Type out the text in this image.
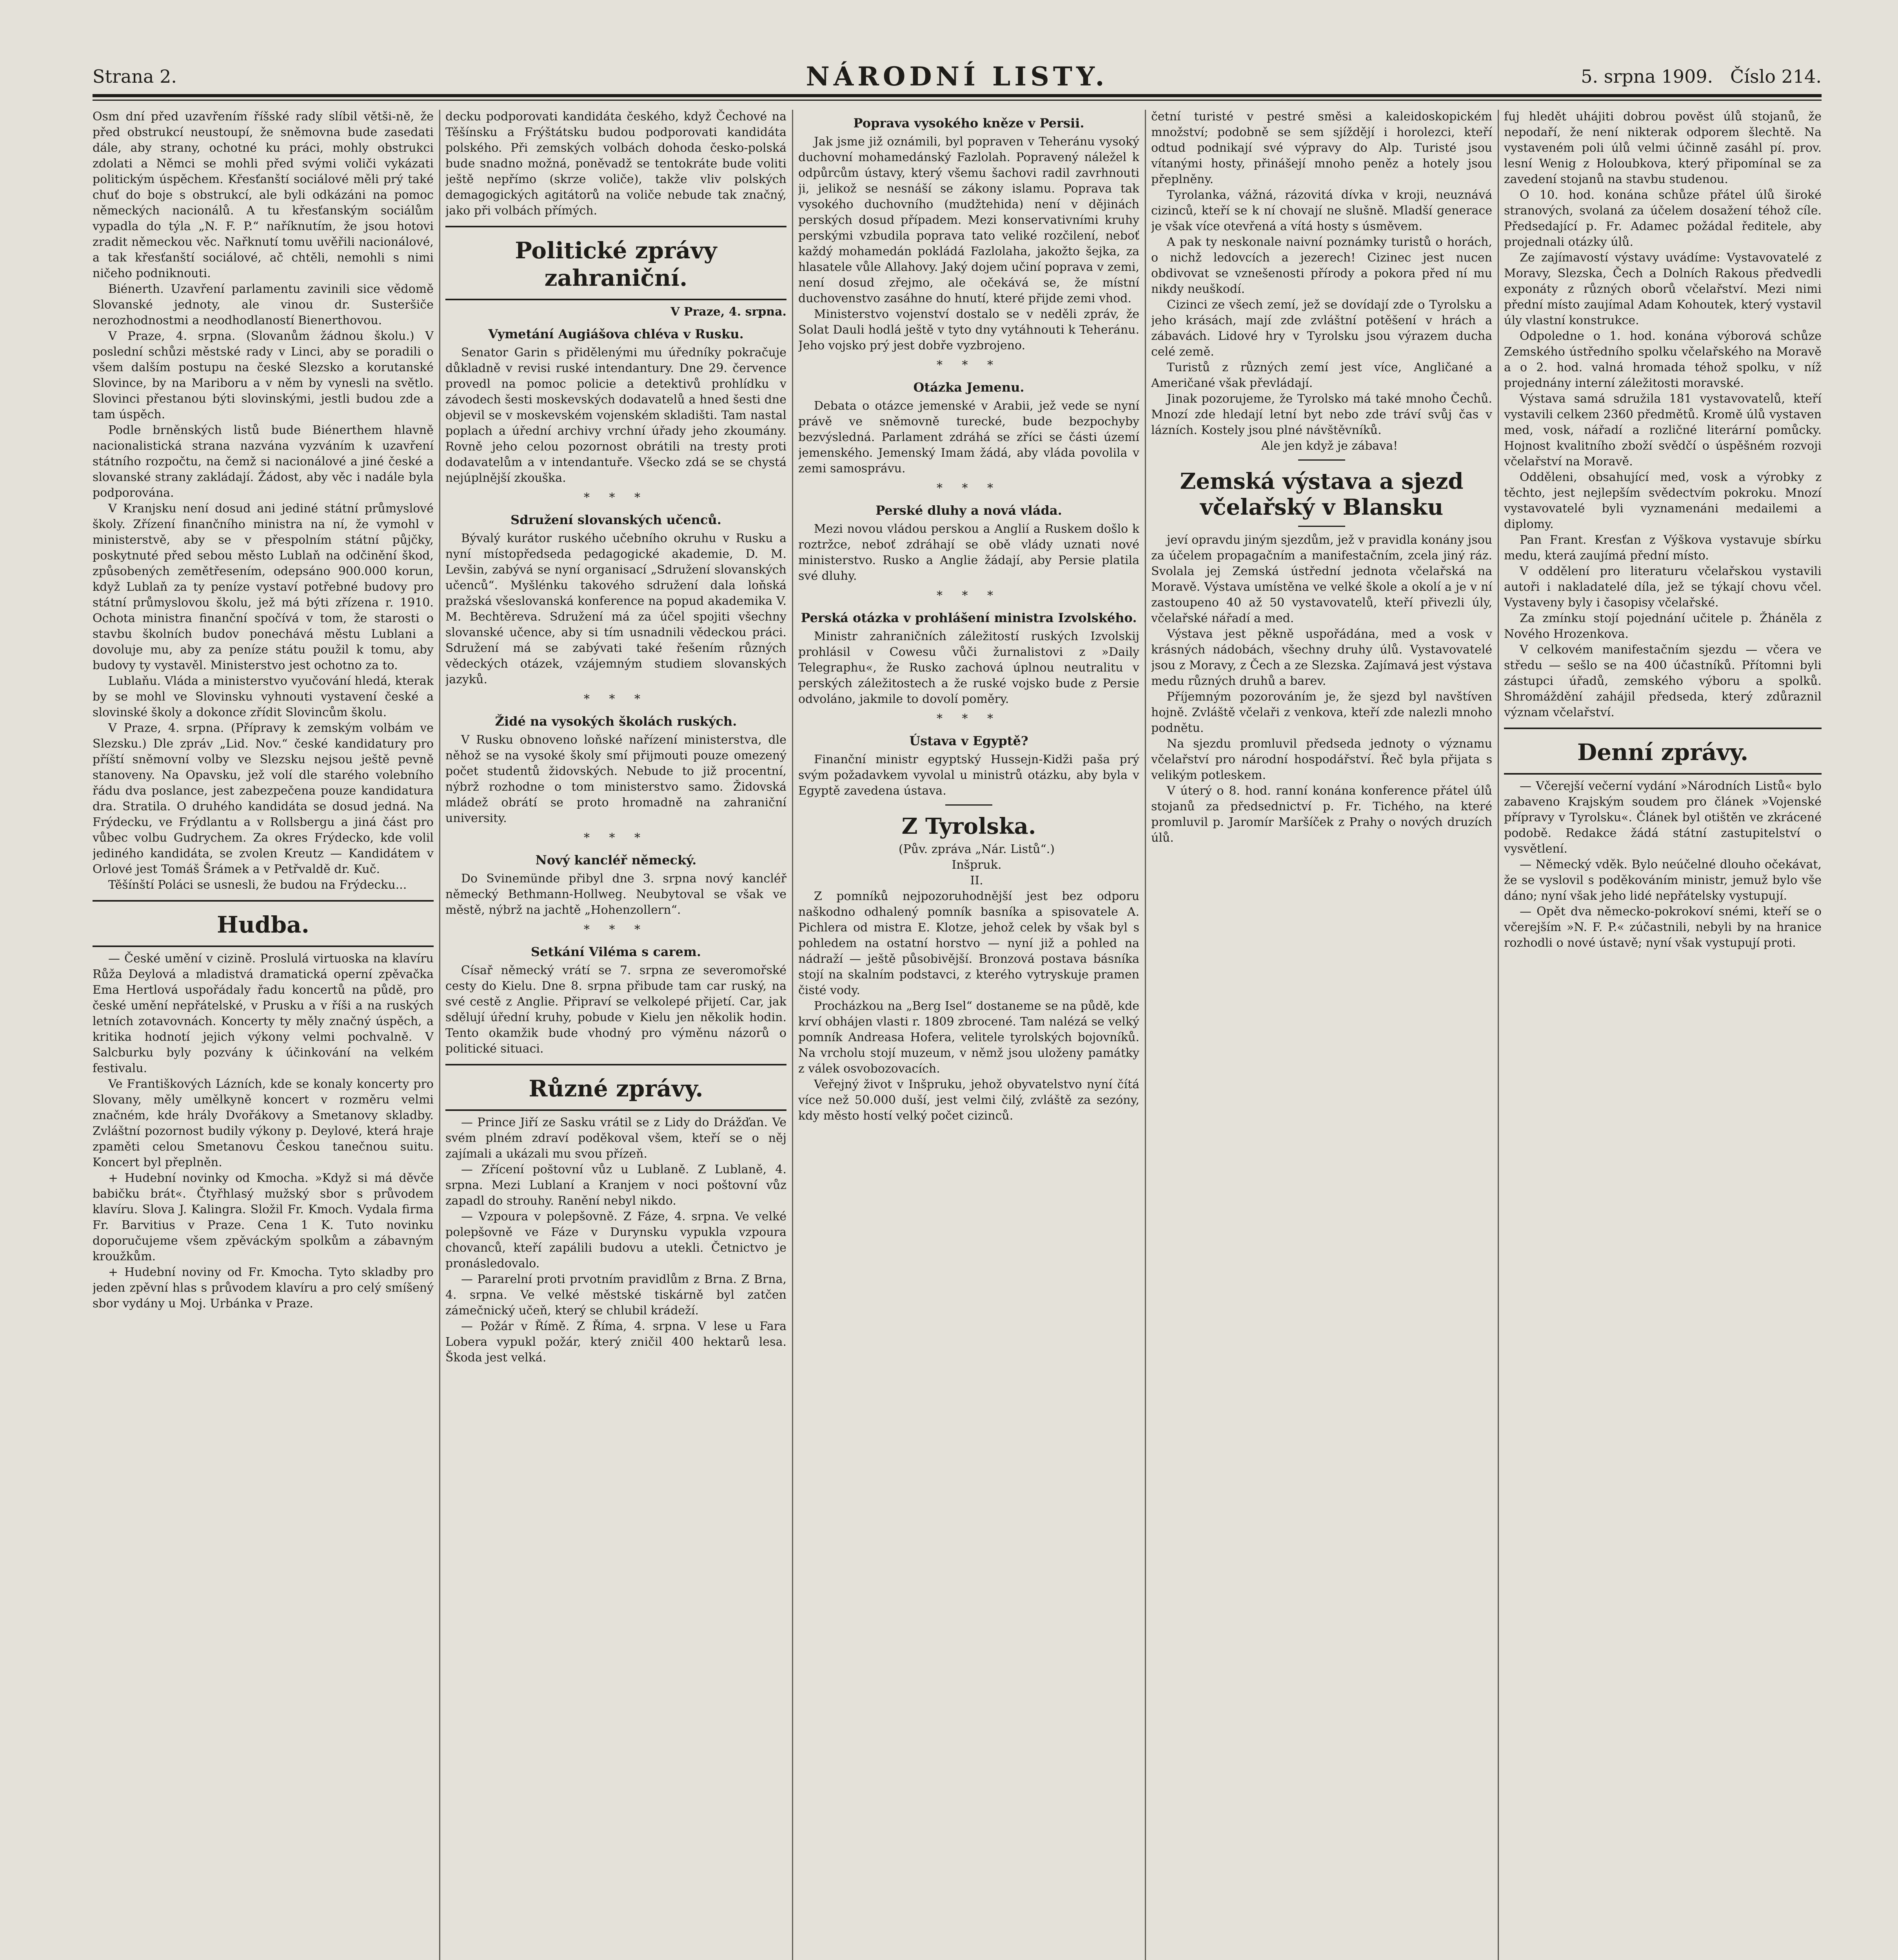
Strana 2.	NÁRODNÍ LISTY.	5. srpna 1909. Číslo 214.

Osm dní před uzavřením říšské rady slíbil větši-ně, že před obstrukcí neustoupí, že sněmovna bude zasedati dále, aby strany, ochotné ku práci, mohly obstrukci zdolati a Němci se mohli před svými voliči vykázati politickým úspěchem. Křesťanští sociálové měli prý také chuť do boje s obstrukcí, ale byli odkázáni na pomoc německých nacionálů. A tu křesťanským sociálům vypadla do týla „N. F. P.“ naříknutím, že jsou hotovi zradit německou věc. Nařknutí tomu uvěřili nacionálové, a tak křesťanští sociálové, ač chtěli, nemohli s nimi ničeho podniknouti.

Biénerth. Uzavření parlamentu zavinili sice vědomě Slovanské jednoty, ale vinou dr. Susteršiče nerozhodnostmi a neodhodlaností Bienerthovou.

V Praze, 4. srpna. (Slovanům žádnou školu.) V poslední schůzi městské rady v Linci, aby se poradili o všem dalším postupu na české Slezsko a korutanské Slovince, by na Mariboru a v něm by vynesli na světlo. Slovinci přestanou býti slovinskými, jestli budou zde a tam úspěch.

Podle brněnských listů bude Biénerthem hlavně nacionalistická strana nazvána vyzváním k uzavření státního rozpočtu, na čemž si nacionálové a jiné české a slovanské strany zakládají. Žádost, aby věc i nadále byla podporována.

V Kranjsku není dosud ani jediné státní průmyslové školy. Zřízení finančního ministra na ní, že vymohl v ministerstvě, aby se v přespolním státní půjčky, poskytnuté před sebou město Lublaň na odčinění škod, způsobených zemětřesením, odepsáno 900.000 korun, když Lublaň za ty peníze vystaví potřebné budovy pro státní průmyslovou školu, jež má býti zřízena r. 1910. Ochota ministra finanční spočívá v tom, že starosti o stavbu školních budov ponechává městu Lublani a dovoluje mu, aby za peníze státu použil k tomu, aby budovy ty vystavěl. Ministerstvo jest ochotno za to.

Lublaňu. Vláda a ministerstvo vyučování hledá, kterak by se mohl ve Slovinsku vyhnouti vystavení české a slovinské školy a dokonce zřídit Slovincům školu.

V Praze, 4. srpna. (Přípravy k zemským volbám ve Slezsku.) Dle zpráv „Lid. Nov.“ české kandidatury pro příští sněmovní volby ve Slezsku nejsou ještě pevně stanoveny. Na Opavsku, jež volí dle starého volebního řádu dva poslance, jest zabezpečena pouze kandidatura dra. Stratila. O druhého kandidáta se dosud jedná. Na Frýdecku, ve Frýdlantu a v Rollsbergu a jiná část pro vůbec volbu Gudrychem. Za okres Frýdecko, kde volil jediného kandidáta, se zvolen Kreutz — Kandidátem v Orlové jest Tomáš Šrámek a v Petřvaldě dr. Kuč.

Těšínští Poláci se usnesli, že budou na Frýdecku...

Hudba.

— České umění v cizině. Proslulá virtuoska na klavíru Růža Deylová a mladistvá dramatická operní zpěvačka Ema Hertlová uspořádaly řadu koncertů na půdě, pro české umění nepřátelské, v Prusku a v říši a na ruských letních zotavovnách. Koncerty ty měly značný úspěch, a kritika hodnotí jejich výkony velmi pochvalně. V Salcburku byly pozvány k účinkování na velkém festivalu.

Ve Františkových Lázních, kde se konaly koncerty pro Slovany, měly umělkyně koncert v rozměru velmi značném, kde hrály Dvořákovy a Smetanovy skladby. Zvláštní pozornost budily výkony p. Deylové, která hraje zpaměti celou Smetanovu Českou tanečnou suitu. Koncert byl přeplněn.

+ Hudební novinky od Kmocha. »Když si má děvče babičku brát«. Čtyřhlasý mužský sbor s průvodem klavíru. Slova J. Kalingra. Složil Fr. Kmoch. Vydala firma Fr. Barvitius v Praze. Cena 1 K. Tuto novinku doporučujeme všem zpěváckým spolkům a zábavným kroužkům.

+ Hudební noviny od Fr. Kmocha. Tyto skladby pro jeden zpěvní hlas s průvodem klavíru a pro celý smíšený sbor vydány u Moj. Urbánka v Praze.

decku podporovati kandidáta českého, když Čechové na Těšínsku a Frýštátsku budou podporovati kandidáta polského. Při zemských volbách dohoda česko-polská bude snadno možná, poněvadž se tentokráte bude voliti ještě nepřímo (skrze voliče), takže vliv polských demagogických agitátorů na voliče nebude tak značný, jako při volbách přímých.

Politické zprávy zahraniční.

V Praze, 4. srpna.

Vymetání Augiášova chléva v Rusku.

Senator Garin s přidělenými mu úředníky pokračuje důkladně v revisi ruské intendantury. Dne 29. července provedl na pomoc policie a detektivů prohlídku v závodech šesti moskevských dodavatelů a hned šesti dne objevil se v moskevském vojenském skladišti. Tam nastal poplach a úřední archivy vrchní úřady jeho zkoumány. Rovně jeho celou pozornost obrátili na tresty proti dodavatelům a v intendantuře. Všecko zdá se se chystá nejúplnější zkouška.

* * *
Sdružení slovanských učenců.

Bývalý kurátor ruského učebního okruhu v Rusku a nyní místopředseda pedagogické akademie, D. M. Levšin, zabývá se nyní organisací „Sdružení slovanských učenců“. Myšlénku takového sdružení dala loňská pražská všeslovanská konference na popud akademika V. M. Bechtěreva. Sdružení má za účel spojiti všechny slovanské učence, aby si tím usnadnili vědeckou práci. Sdružení má se zabývati také řešením různých vědeckých otázek, vzájemným studiem slovanských jazyků.

* * *
Židé na vysokých školách ruských.

V Rusku obnoveno loňské nařízení ministerstva, dle něhož se na vysoké školy smí přijmouti pouze omezený počet studentů židovských. Nebude to již procentní, nýbrž rozhodne o tom ministerstvo samo. Židovská mládež obrátí se proto hromadně na zahraniční university.

* * *
Nový kancléř německý.

Do Svinemünde přibyl dne 3. srpna nový kancléř německý Bethmann-Hollweg. Neubytoval se však ve městě, nýbrž na jachtě „Hohenzollern“.

* * *
Setkání Viléma s carem.

Císař německý vrátí se 7. srpna ze severomořské cesty do Kielu. Dne 8. srpna přibude tam car ruský, na své cestě z Anglie. Připraví se velkolepé přijetí. Car, jak sdělují úřední kruhy, pobude v Kielu jen několik hodin. Tento okamžik bude vhodný pro výměnu názorů o politické situaci.

Různé zprávy.

— Prince Jiří ze Sasku vrátil se z Lidy do Drážďan. Ve svém plném zdraví poděkoval všem, kteří se o něj zajímali a ukázali mu svou přízeň.

— Zřícení poštovní vůz u Lublaně. Z Lublaně, 4. srpna. Mezi Lublaní a Kranjem v noci poštovní vůz zapadl do strouhy. Ranění nebyl nikdo.

— Vzpoura v polepšovně. Z Fáze, 4. srpna. Ve velké polepšovně ve Fáze v Durynsku vypukla vzpoura chovanců, kteří zapálili budovu a utekli. Četnictvo je pronásledovalo.

— Pararelní proti prvotním pravidlům z Brna. Z Brna, 4. srpna. Ve velké městské tiskárně byl zatčen zámečnický učeň, který se chlubil krádeží.

— Požár v Římě. Z Říma, 4. srpna. V lese u Fara Lobera vypukl požár, který zničil 400 hektarů lesa. Škoda jest velká.

Poprava vysokého kněze v Persii.

Jak jsme již oznámili, byl popraven v Teheránu vysoký duchovní mohamedánský Fazlolah. Popravený náležel k odpůrcům ústavy, který všemu šachovi radil zavrhnouti ji, jelikož se nesnáší se zákony islamu. Poprava tak vysokého duchovního (mudžtehida) není v dějinách perských dosud případem. Mezi konservativními kruhy perskými vzbudila poprava tato veliké rozčilení, neboť každý mohamedán pokládá Fazlolaha, jakožto šejka, za hlasatele vůle Allahovy. Jaký dojem učiní poprava v zemi, není dosud zřejmo, ale očekává se, že místní duchovenstvo zasáhne do hnutí, které přijde zemi vhod.

Ministerstvo vojenství dostalo se v neděli zpráv, že Solat Dauli hodlá ještě v tyto dny vytáhnouti k Teheránu. Jeho vojsko prý jest dobře vyzbrojeno.

* * *
Otázka Jemenu.

Debata o otázce jemenské v Arabii, jež vede se nyní právě ve sněmovně turecké, bude bezpochyby bezvýsledná. Parlament zdráhá se zříci se části území jemenského. Jemenský Imam žádá, aby vláda povolila v zemi samosprávu.

* * *
Perské dluhy a nová vláda.

Mezi novou vládou perskou a Anglií a Ruskem došlo k roztržce, neboť zdráhají se obě vlády uznati nové ministerstvo. Rusko a Anglie žádají, aby Persie platila své dluhy.

* * *
Perská otázka v prohlášení ministra Izvolského.

Ministr zahraničních záležitostí ruských Izvolskij prohlásil v Cowesu vůči žurnalistovi z »Daily Telegraphu«, že Rusko zachová úplnou neutralitu v perských záležitostech a že ruské vojsko bude z Persie odvoláno, jakmile to dovolí poměry.

* * *
Ústava v Egyptě?

Finanční ministr egyptský Hussejn-Kidži paša prý svým požadavkem vyvolal u ministrů otázku, aby byla v Egyptě zavedena ústava.

Z Tyrolska.

(Pův. zpráva „Nár. Listů“.)

Inšpruk.

II.

Z pomníků nejpozoruhodnější jest bez odporu naškodno odhalený pomník basníka a spisovatele A. Pichlera od mistra E. Klotze, jehož celek by však byl s pohledem na ostatní horstvo — nyní již a pohled na nádraží — ještě působivější. Bronzová postava básníka stojí na skalním podstavci, z kterého vytryskuje pramen čisté vody.

Procházkou na „Berg Isel“ dostaneme se na půdě, kde krví obhájen vlasti r. 1809 zbrocené. Tam nalézá se velký pomník Andreasa Hofera, velitele tyrolských bojovníků. Na vrcholu stojí muzeum, v němž jsou uloženy památky z válek osvobozovacích.

Veřejný život v Inšpruku, jehož obyvatelstvo nyní čítá více než 50.000 duší, jest velmi čilý, zvláště za sezóny, kdy město hostí velký počet cizinců.

četní turisté v pestré směsi a kaleidoskopickém množství; podobně se sem sjíždějí i horolezci, kteří odtud podnikají své výpravy do Alp. Turisté jsou vítanými hosty, přinášejí mnoho peněz a hotely jsou přeplněny.

Tyrolanka, vážná, rázovitá dívka v kroji, neuznává cizinců, kteří se k ní chovají ne slušně. Mladší generace je však více otevřená a vítá hosty s úsměvem.

A pak ty neskonale naivní poznámky turistů o horách, o nichž ledovcích a jezerech! Cizinec jest nucen obdivovat se vznešenosti přírody a pokora před ní mu nikdy neuškodí.

Cizinci ze všech zemí, jež se dovídají zde o Tyrolsku a jeho krásách, mají zde zvláštní potěšení v hrách a zábavách. Lidové hry v Tyrolsku jsou výrazem ducha celé země.

Turistů z různých zemí jest více, Angličané a Američané však převládají.

Jinak pozorujeme, že Tyrolsko má také mnoho Čechů. Mnozí zde hledají letní byt nebo zde tráví svůj čas v lázních. Kostely jsou plné návštěvníků.

Ale jen když je zábava!

Zemská výstava a sjezd včelařský v Blansku

jeví opravdu jiným sjezdům, jež v pravidla konány jsou za účelem propagačním a manifestačním, zcela jiný ráz. Svolala jej Zemská ústřední jednota včelařská na Moravě. Výstava umístěna ve velké škole a okolí a je v ní zastoupeno 40 až 50 vystavovatelů, kteří přivezli úly, včelařské nářadí a med.

Výstava jest pěkně uspořádána, med a vosk v krásných nádobách, všechny druhy úlů. Vystavovatelé jsou z Moravy, z Čech a ze Slezska. Zajímavá jest výstava medu různých druhů a barev.

Příjemným pozorováním je, že sjezd byl navštíven hojně. Zvláště včelaři z venkova, kteří zde nalezli mnoho podnětu.

Na sjezdu promluvil předseda jednoty o významu včelařství pro národní hospodářství. Řeč byla přijata s velikým potleskem.

V úterý o 8. hod. ranní konána konference přátel úlů stojanů za předsednictví p. Fr. Tichého, na které promluvil p. Jaromír Maršíček z Prahy o nových druzích úlů.

fuj hledět uhájiti dobrou pověst úlů stojanů, že nepodaří, že není nikterak odporem šlechtě. Na vystaveném poli úlů velmi účinně zasáhl pí. prov. lesní Wenig z Holoubkova, který připomínal se za zavedení stojanů na stavbu studenou.

O 10. hod. konána schůze přátel úlů široké stranových, svolaná za účelem dosažení téhož cíle. Předsedající p. Fr. Adamec požádal ředitele, aby projednali otázky úlů.

Ze zajímavostí výstavy uvádíme: Vystavovatelé z Moravy, Slezska, Čech a Dolních Rakous předvedli exponáty z různých oborů včelařství. Mezi nimi přední místo zaujímal Adam Kohoutek, který vystavil úly vlastní konstrukce.

Odpoledne o 1. hod. konána výborová schůze Zemského ústředního spolku včelařského na Moravě a o 2. hod. valná hromada téhož spolku, v níž projednány interní záležitosti moravské.

Výstava samá sdružila 181 vystavovatelů, kteří vystavili celkem 2360 předmětů. Kromě úlů vystaven med, vosk, nářadí a rozličné literární pomůcky. Hojnost kvalitního zboží svědčí o úspěšném rozvoji včelařství na Moravě.

Odděleni, obsahující med, vosk a výrobky z těchto, jest nejlepším svědectvím pokroku. Mnozí vystavovatelé byli vyznamenáni medailemi a diplomy.

Pan Frant. Kresťan z Výškova vystavuje sbírku medu, která zaujímá přední místo.

V oddělení pro literaturu včelařskou vystavili autoři i nakladatelé díla, jež se týkají chovu včel. Vystaveny byly i časopisy včelařské.

Za zmínku stojí pojednání učitele p. Žháněla z Nového Hrozenkova.

V celkovém manifestačním sjezdu — včera ve středu — sešlo se na 400 účastníků. Přítomni byli zástupci úřadů, zemského výboru a spolků. Shromáždění zahájil předseda, který zdůraznil význam včelařství.

Denní zprávy.

— Včerejší večerní vydání »Národních Listů« bylo zabaveno Krajským soudem pro článek »Vojenské přípravy v Tyrolsku«. Článek byl otištěn ve zkrácené podobě. Redakce žádá státní zastupitelství o vysvětlení.

— Německý vděk. Bylo neúčelné dlouho očekávat, že se vyslovil s poděkováním ministr, jemuž bylo vše dáno; nyní však jeho lidé nepřátelsky vystupují.

— Opět dva německo-pokrokoví snémi, kteří se o včerejším »N. F. P.« zúčastnili, nebyli by na hranice rozhodli o nové ústavě; nyní však vystupují proti.
